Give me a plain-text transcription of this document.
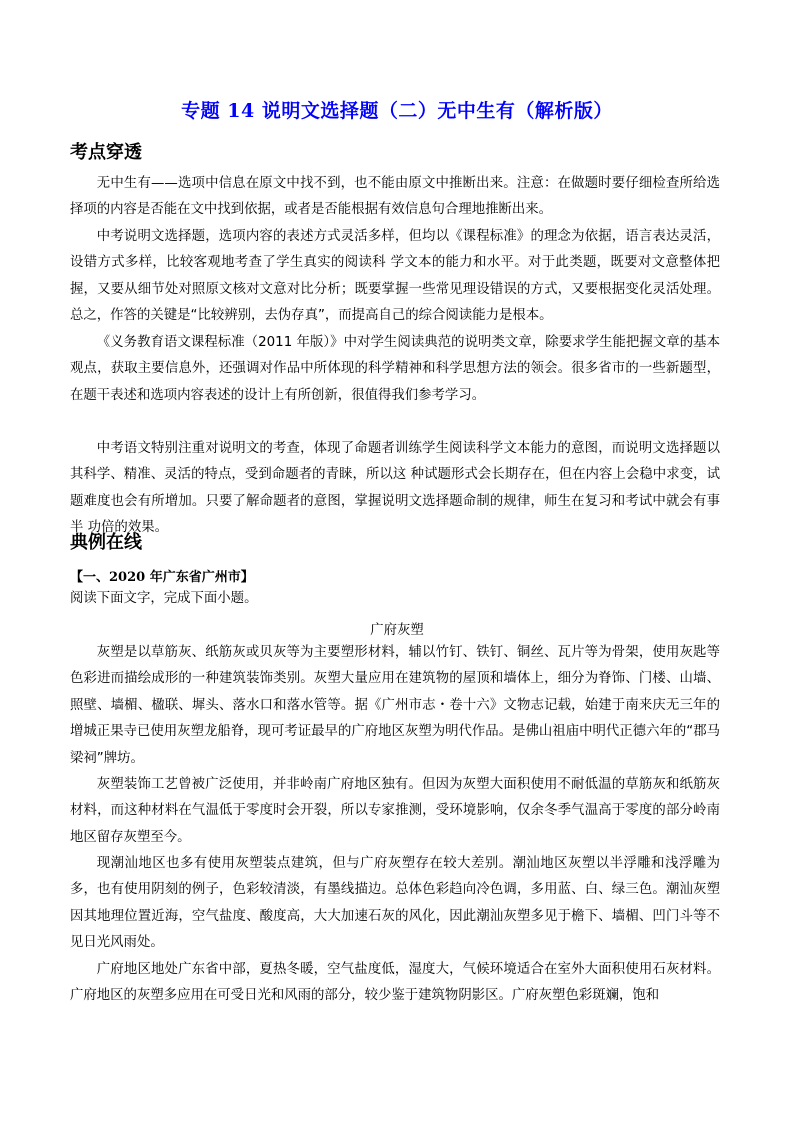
专题 14 说明文选择题（二）无中生有（解析版）
考点穿透
无中生有——选项中信息在原文中找不到，也不能由原文中推断出来。注意：在做题时要仔细检查所给选择项的内容是否能在文中找到依据，或者是否能根据有效信息句合理地推断出来。
中考说明文选择题，选项内容的表述方式灵活多样，但均以《课程标准》的理念为依据，语言表达灵活，设错方式多样，比较客观地考查了学生真实的阅读科 学文本的能力和水平。对于此类题，既要对文意整体把握，又要从细节处对照原文核对文意对比分析；既要掌握一些常见理设错误的方式，又要根据变化灵活处理。 总之，作答的关键是“比较辨别，去伪存真”，而提高自己的综合阅读能力是根本。
《义务教育语文课程标准（2011 年版）》中对学生阅读典范的说明类文章，除要求学生能把握文章的基本观点，获取主要信息外，还强调对作品中所体现的科学精神和科学思想方法的领会。很多省市的一些新题型，在题干表述和选项内容表述的设计上有所创新，很值得我们参考学习。
中考语文特别注重对说明文的考查，体现了命题者训练学生阅读科学文本能力的意图，而说明文选择题以其科学、精准、灵活的特点，受到命题者的青睐，所以这 种试题形式会长期存在，但在内容上会稳中求变，试题难度也会有所增加。只要了解命题者的意图，掌握说明文选择题命制的规律，师生在复习和考试中就会有事半 功倍的效果。
典例在线
【一、2020 年广东省广州市】
阅读下面文字，完成下面小题。
广府灰塑
灰塑是以草筋灰、纸筋灰或贝灰等为主要塑形材料，辅以竹钉、铁钉、铜丝、瓦片等为骨架，使用灰匙等色彩进而描绘成形的一种建筑装饰类别。灰塑大量应用在建筑物的屋顶和墙体上，细分为脊饰、门楼、山墙、照壁、墙楣、楹联、墀头、落水口和落水管等。据《广州市志・卷十六》文物志记载，始建于南来庆无三年的增城正果寺已使用灰塑龙船脊，现可考证最早的广府地区灰塑为明代作品。是佛山祖庙中明代正德六年的“郡马梁祠”牌坊。
灰塑装饰工艺曾被广泛使用，并非岭南广府地区独有。但因为灰塑大面积使用不耐低温的草筋灰和纸筋灰材料，而这种材料在气温低于零度时会开裂，所以专家推测，受环境影响，仅余冬季气温高于零度的部分岭南地区留存灰塑至今。
现潮汕地区也多有使用灰塑装点建筑，但与广府灰塑存在较大差别。潮汕地区灰塑以半浮雕和浅浮雕为多，也有使用阴刻的例子，色彩较清淡，有墨线描边。总体色彩趋向冷色调，多用蓝、白、绿三色。潮汕灰塑因其地理位置近海，空气盐度、酸度高，大大加速石灰的风化，因此潮汕灰塑多见于檐下、墙楣、凹门斗等不见日光风雨处。
广府地区地处广东省中部，夏热冬暖，空气盐度低，湿度大，气候环境适合在室外大面积使用石灰材料。广府地区的灰塑多应用在可受日光和风雨的部分，较少鉴于建筑物阴影区。广府灰塑色彩斑斓，饱和
